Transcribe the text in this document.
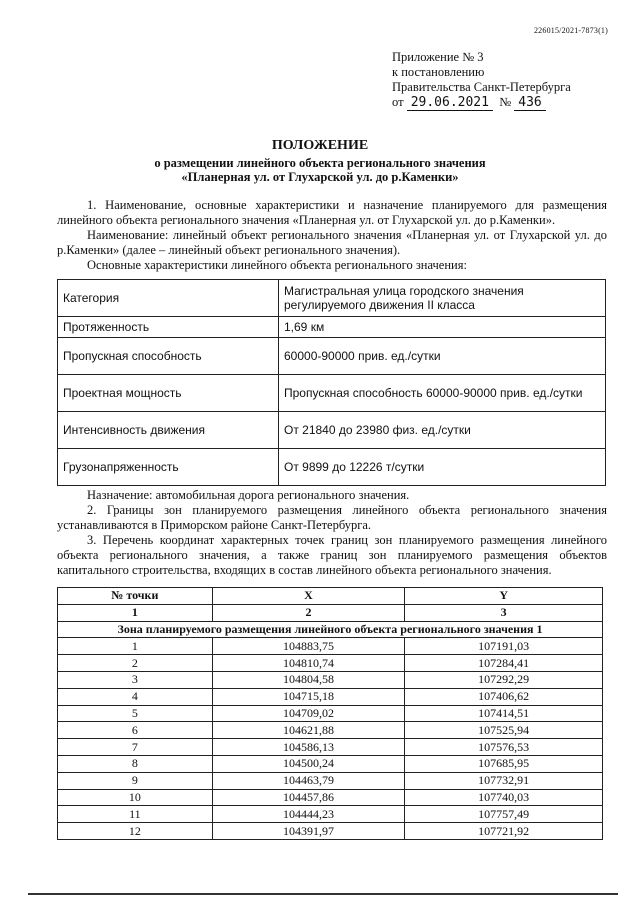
226015/2021-7873(1)
Приложение № 3
к постановлению
Правительства Санкт-Петербурга
от 29.06.2021 № 436
ПОЛОЖЕНИЕ
о размещении линейного объекта регионального значения
«Планерная ул. от Глухарской ул. до р.Каменки»
1. Наименование, основные характеристики и назначение планируемого для размещения линейного объекта регионального значения «Планерная ул. от Глухарской ул. до р.Каменки».
Наименование: линейный объект регионального значения «Планерная ул. от Глухарской ул. до р.Каменки» (далее – линейный объект регионального значения).
Основные характеристики линейного объекта регионального значения:
Категория	Магистральная улица городского значения регулируемого движения II класса
Протяженность	1,69 км
Пропускная способность	60000-90000 прив. ед./сутки
Проектная мощность	Пропускная способность 60000-90000 прив. ед./сутки
Интенсивность движения	От 21840 до 23980 физ. ед./сутки
Грузонапряженность	От 9899 до 12226 т/сутки
Назначение: автомобильная дорога регионального значения.
2. Границы зон планируемого размещения линейного объекта регионального значения устанавливаются в Приморском районе Санкт-Петербурга.
3. Перечень координат характерных точек границ зон планируемого размещения линейного объекта регионального значения, а также границ зон планируемого размещения объектов капитального строительства, входящих в состав линейного объекта регионального значения.
№ точки	X	Y
1	2	3
Зона планируемого размещения линейного объекта регионального значения 1		
1	104883,75	107191,03
2	104810,74	107284,41
3	104804,58	107292,29
4	104715,18	107406,62
5	104709,02	107414,51
6	104621,88	107525,94
7	104586,13	107576,53
8	104500,24	107685,95
9	104463,79	107732,91
10	104457,86	107740,03
11	104444,23	107757,49
12	104391,97	107721,92
